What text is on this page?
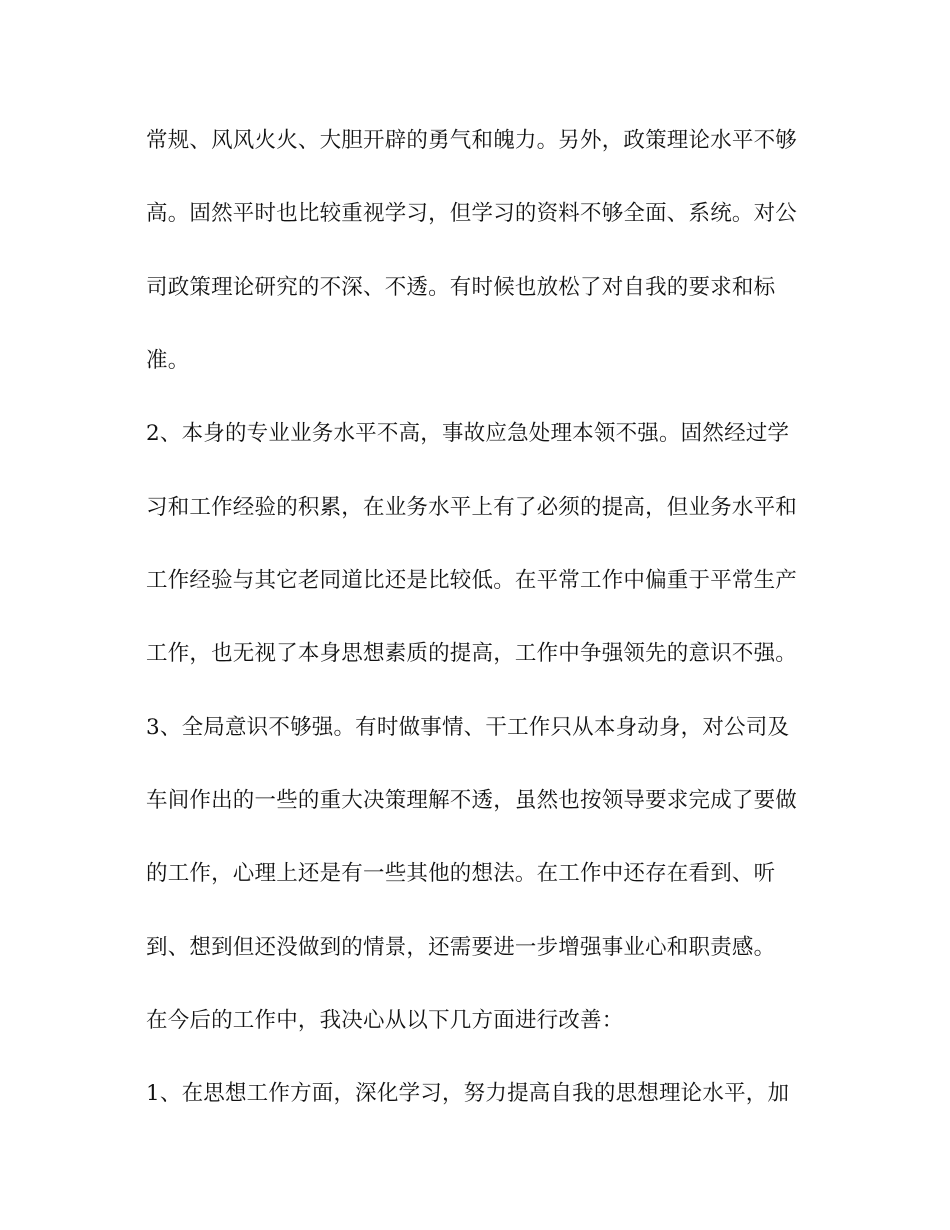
常规、风风火火、大胆开辟的勇气和魄力。另外，政策理论水平不够
高。固然平时也比较重视学习，但学习的资料不够全面、系统。对公
司政策理论研究的不深、不透。有时候也放松了对自我的要求和标
准。
2、本身的专业业务水平不高，事故应急处理本领不强。固然经过学
习和工作经验的积累，在业务水平上有了必须的提高，但业务水平和
工作经验与其它老同道比还是比较低。在平常工作中偏重于平常生产
工作，也无视了本身思想素质的提高，工作中争强领先的意识不强。
3、全局意识不够强。有时做事情、干工作只从本身动身，对公司及
车间作出的一些的重大决策理解不透，虽然也按领导要求完成了要做
的工作，心理上还是有一些其他的想法。在工作中还存在看到、听
到、想到但还没做到的情景，还需要进一步增强事业心和职责感。
在今后的工作中，我决心从以下几方面进行改善：
1、在思想工作方面，深化学习，努力提高自我的思想理论水平，加
